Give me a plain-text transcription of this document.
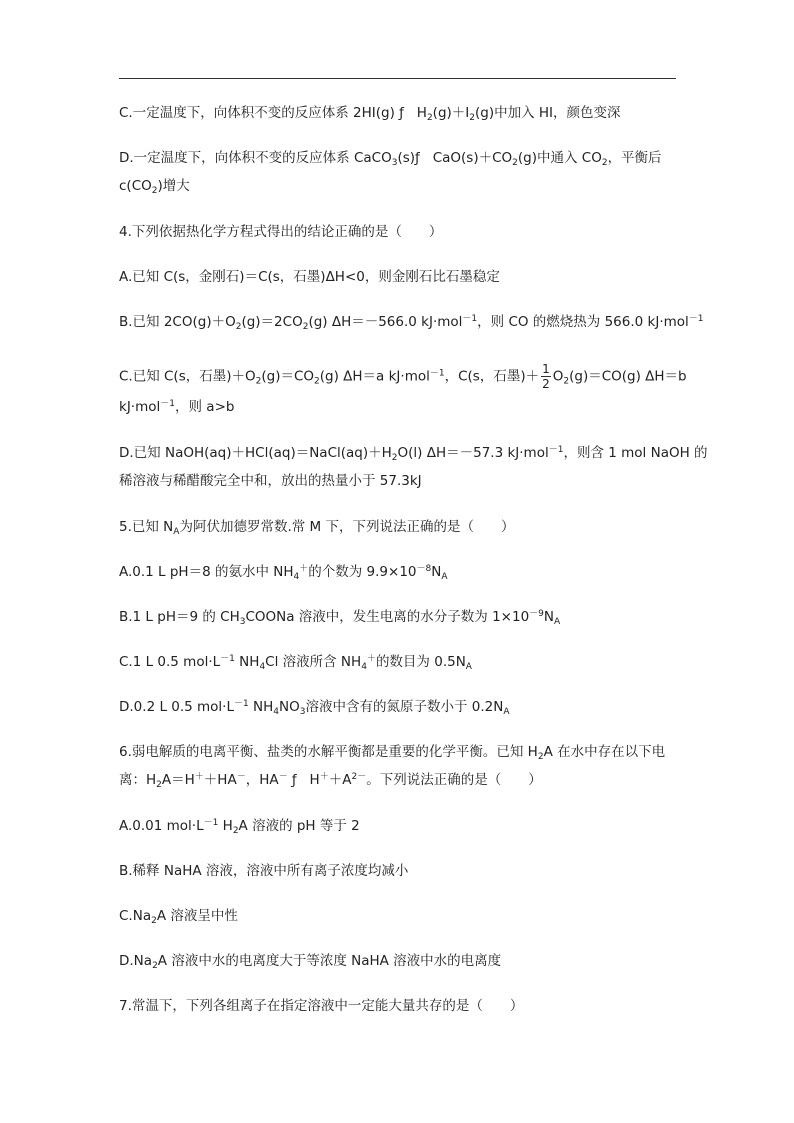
C.一定温度下，向体积不变的反应体系 2HI(g) ƒ $H_2(g)+I_2(g)$中加入 HI，颜色变深
D.一定温度下，向体积不变的反应体系 CaCO$_3$(s)ƒ $CaO(s)+CO_2(g)$中通入 $CO_2$，平衡后
$c(CO_2)$增大
4.下列依据热化学方程式得出的结论正确的是（　　）
A.已知 C(s，金刚石)＝C(s，石墨)ΔH<0，则金刚石比石墨稳定
B.已知 $2CO(g)+O_2(g)=2CO_2(g)$ ΔH＝－566.0 kJ·mol$^{-1}$，则 CO 的燃烧热为 566.0 kJ·mol$^{-1}$
C.已知 C(s，石墨)$+O_2(g)=CO_2(g)$ ΔH＝a kJ·mol$^{-1}$，C(s，石墨)＋ $\frac{1}{2} O_2(g)=CO(g)$ ΔH＝b
kJ·mol$^{-1}$，则 a>b
D.已知 $NaOH(aq)+HCl(aq)=NaCl(aq)+H_2O(l)$ ΔH＝－57.3 kJ·mol$^{-1}$，则含 1 mol NaOH 的
稀溶液与稀醋酸完全中和，放出的热量小于 57.3kJ
5.已知 $N_A$为阿伏加德罗常数.常 M 下，下列说法正确的是（　　）
A.0.1 L pH＝8 的氨水中 $NH_4^+$的个数为 $9.9\times 10^{-8}N_A$
B.1 L pH＝9 的 $CH_3COONa$ 溶液中，发生电离的水分子数为 $1\times 10^{-9}N_A$
C.1 L 0.5 $mol\cdot L^{-1}$ $NH_4Cl$ 溶液所含 $NH_4^+$的数目为 $0.5N_A$
D.0.2 L 0.5 $mol\cdot L^{-1}$ $NH_4NO_3$溶液中含有的氮原子数小于 $0.2N_A$
6.弱电解质的电离平衡、盐类的水解平衡都是重要的化学平衡。已知 $H_2A$ 在水中存在以下电
离：$H_2A=H^++HA^-$，HA－ ƒ $H^++A^{2-}$。下列说法正确的是（　　）
A.0.01 $mol\cdot L^{-1}$ $H_2A$ 溶液的 pH 等于 2
B.稀释 NaHA 溶液，溶液中所有离子浓度均减小
$C.Na_2A$ 溶液呈中性
$D.Na_2A$ 溶液中水的电离度大于等浓度 NaHA 溶液中水的电离度
7.常温下，下列各组离子在指定溶液中一定能大量共存的是（　　）
